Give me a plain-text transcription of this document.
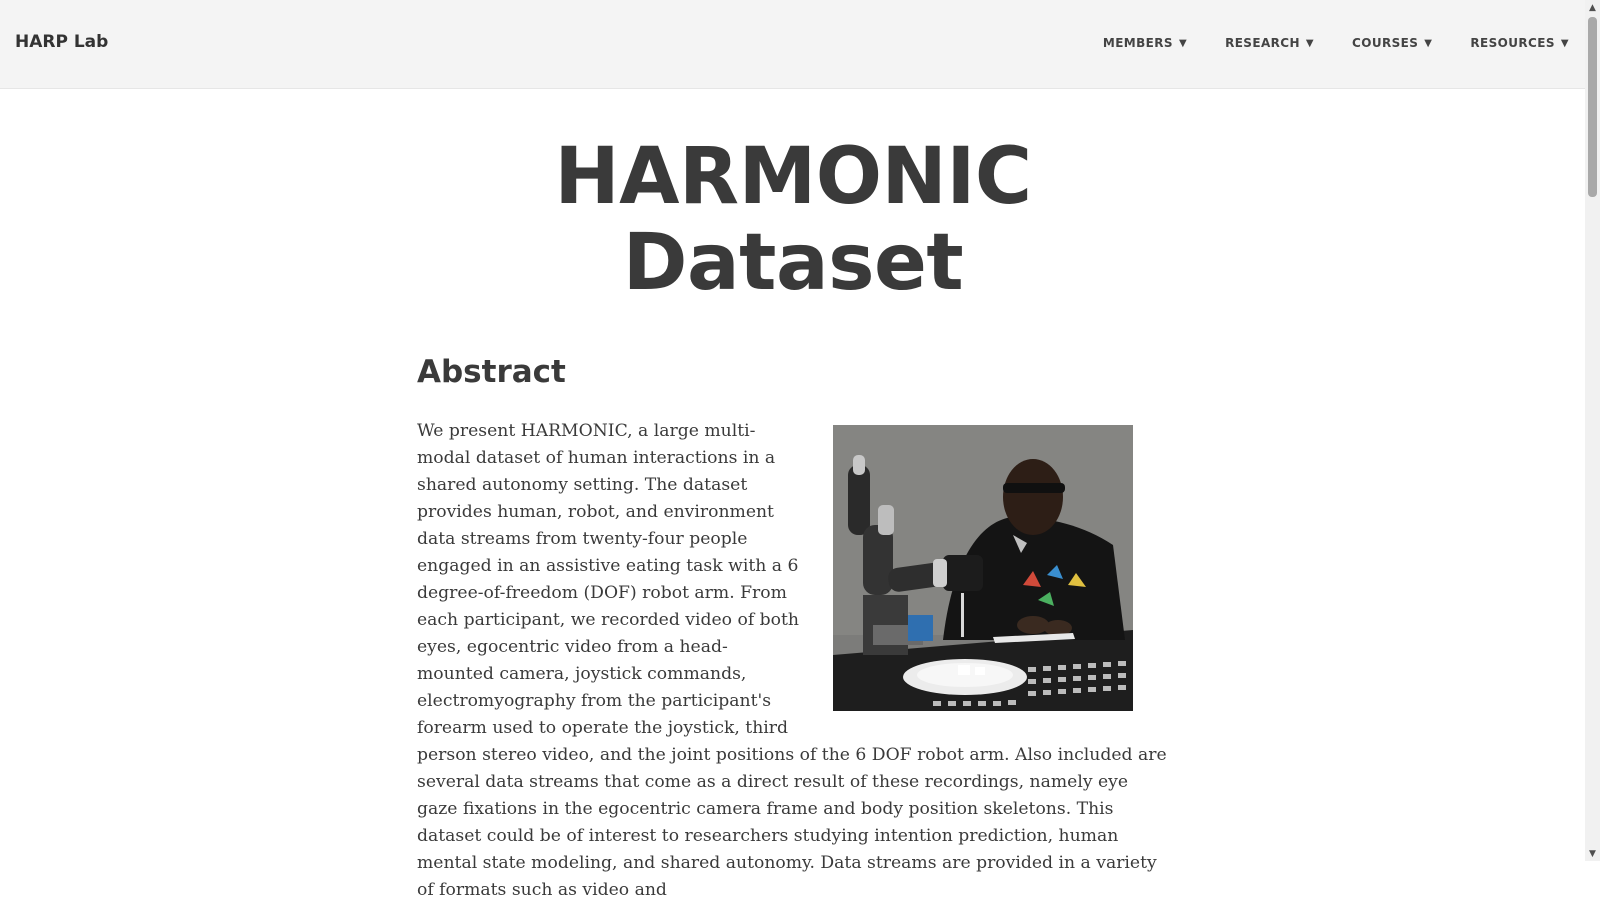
HARP Lab	MEMBERS ▼	RESEARCH ▼	COURSES ▼	RESOURCES ▼
HARMONIC
Dataset
Abstract
We present HARMONIC, a large multi-modal dataset of human interactions in a shared autonomy setting. The dataset provides human, robot, and environment data streams from twenty-four people engaged in an assistive eating task with a 6 degree-of-freedom (DOF) robot arm. From each participant, we recorded video of both eyes, egocentric video from a head-mounted camera, joystick commands, electromyography from the participant's forearm used to operate the joystick, third person stereo video, and the joint positions of the 6 DOF robot arm. Also included are several data streams that come as a direct result of these recordings, namely eye gaze fixations in the egocentric camera frame and body position skeletons. This dataset could be of interest to researchers studying intention prediction, human mental state modeling, and shared autonomy. Data streams are provided in a variety of formats such as video and
▲
▼
